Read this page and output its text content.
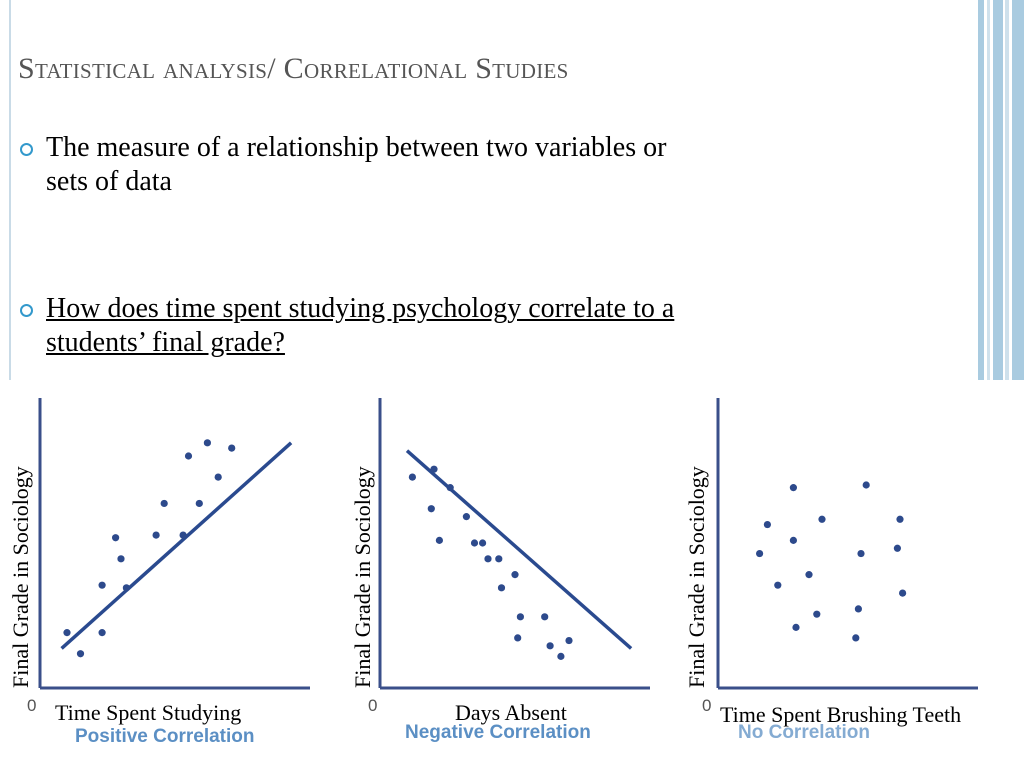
Statistical analysis/ Correlational Studies
The measure of a relationship between two variables or sets of data
How does time spent studying psychology correlate to a students’ final grade?
Final Grade in Sociology
0 Time Spent Studying
Positive Correlation
Final Grade in Sociology
0	Days Absent
Negative Correlation
Final Grade in Sociology
0
No Correlation
Time Spent Brushing Teeth
